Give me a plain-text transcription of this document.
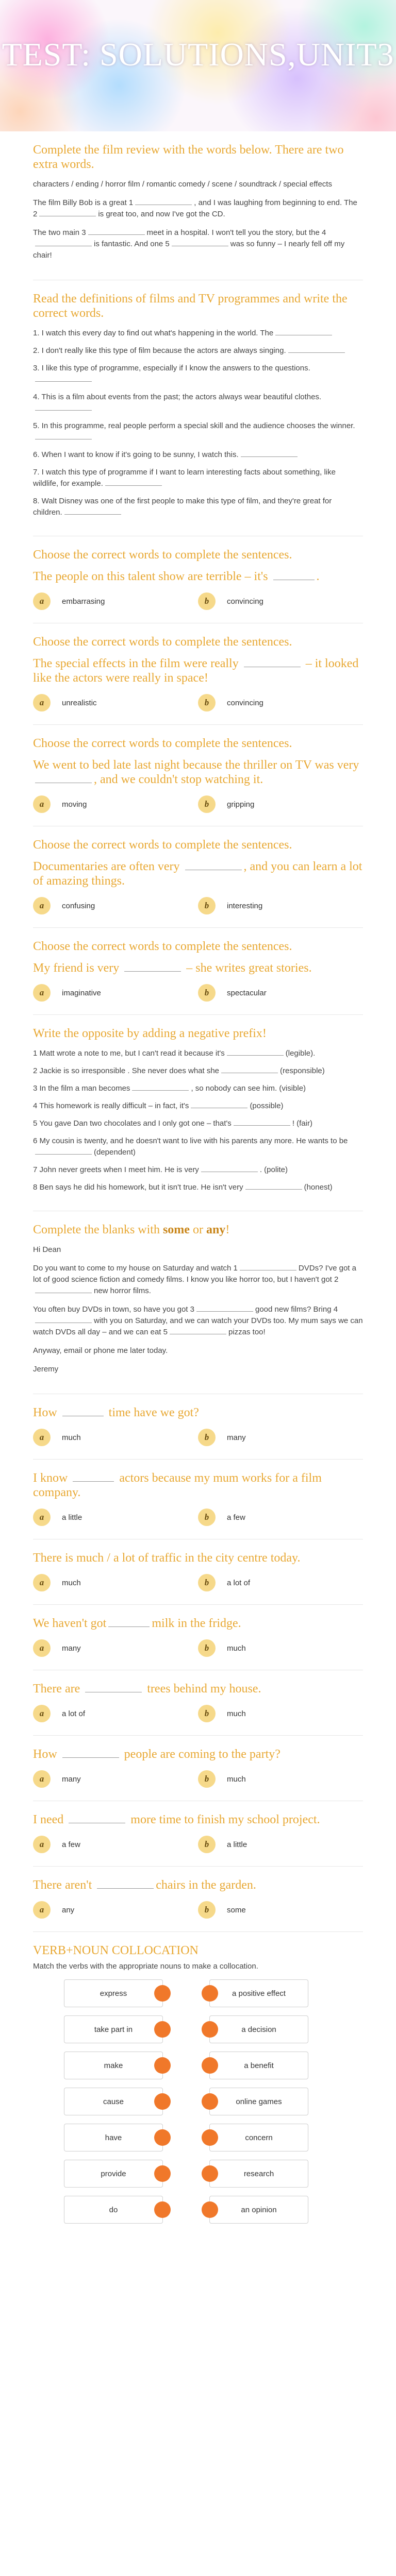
TEST: SOLUTIONS,UNIT3
Complete the film review with the words below. There are two extra words.
characters / ending / horror film / romantic comedy / scene / soundtrack / special effects
The film Billy Bob is a great 1	, and I was laughing from beginning to end. The 2	is great too, and now I've got the CD.
The two main 3	meet in a hospital. I won't tell you the story, but the 4is fantastic. And one 5	was so funny – I nearly fell off my chair!
Read the definitions of films and TV programmes and write the correct words.
1. I watch this every day to find out what's happening in the world. The
2. I don't really like this type of film because the actors are always singing.
3. I like this type of programme, especially if I know the answers to the questions.
4. This is a film about events from the past; the actors always wear beautiful clothes.
5. In this programme, real people perform a special skill and the audience chooses the winner.
6. When I want to know if it's going to be sunny, I watch this.
7. I watch this type of programme if I want to learn interesting facts about something, like wildlife, for example.
8. Walt Disney was one of the first people to make this type of film, and they're great for children.
Choose the correct words to complete the sentences.
The people on this talent show are terrible – it's	.
a	embarrasing	b	convincing
Choose the correct words to complete the sentences.
The special effects in the film were really	– it looked like the actors were really in space!
a	unrealistic	b	convincing
Choose the correct words to complete the sentences.
We went to bed late last night because the thriller on TV was very , and we couldn't stop watching it.
a	moving	b	gripping
Choose the correct words to complete the sentences.
Documentaries are often very	, and you can learn a lot of amazing things.
a	confusing	b	interesting
Choose the correct words to complete the sentences.
My friend is very	– she writes great stories.
a	imaginative	b	spectacular
Write the opposite by adding a negative prefix!
1 Matt wrote a note to me, but I can't read it because it's	(legible).
2 Jackie is so irresponsible . She never does what she	(responsible)
3 In the film a man becomes	, so nobody can see him. (visible)
4 This homework is really difficult – in fact, it's	(possible)
5 You gave Dan two chocolates and I only got one – that's	! (fair)
6 My cousin is twenty, and he doesn't want to live with his parents any more. He wants to be(dependent)
7 John never greets when I meet him. He is very	. (polite)
8 Ben says he did his homework, but it isn't true. He isn't very	(honest)
Complete the blanks with some or any!
Hi Dean
Do you want to come to my house on Saturday and watch 1	DVDs? I've got a lot of good science fiction and comedy films. I know you like horror too, but I haven't got 2new horror films.
You often buy DVDs in town, so have you got 3	good new films? Bring 4with you on Saturday, and we can watch your DVDs too. My mum says we can watch DVDs all day – and we can eat 5	pizzas too!
Anyway, email or phone me later today.
Jeremy
How	time have we got?
a	much	b	many
I know	actors because my mum works for a film company.
a	a little	b	a few
There is much / a lot of traffic in the city centre today.
a	much	b	a lot of
We haven't got	milk in the fridge.
a	many	b	much
There are	trees behind my house.
a	a lot of	b	much
How	people are coming to the party?
a	many	b	much
I need	more time to finish my school project.
a	a few	b	a little
There aren't	chairs in the garden.
a	any	b	some
VERB+NOUN COLLOCATION
Match the verbs with the appropriate nouns to make a collocation.
express	a positive effect
take part in	a decision
make	a benefit
cause	online games
have	concern
provide	research
do	an opinion
